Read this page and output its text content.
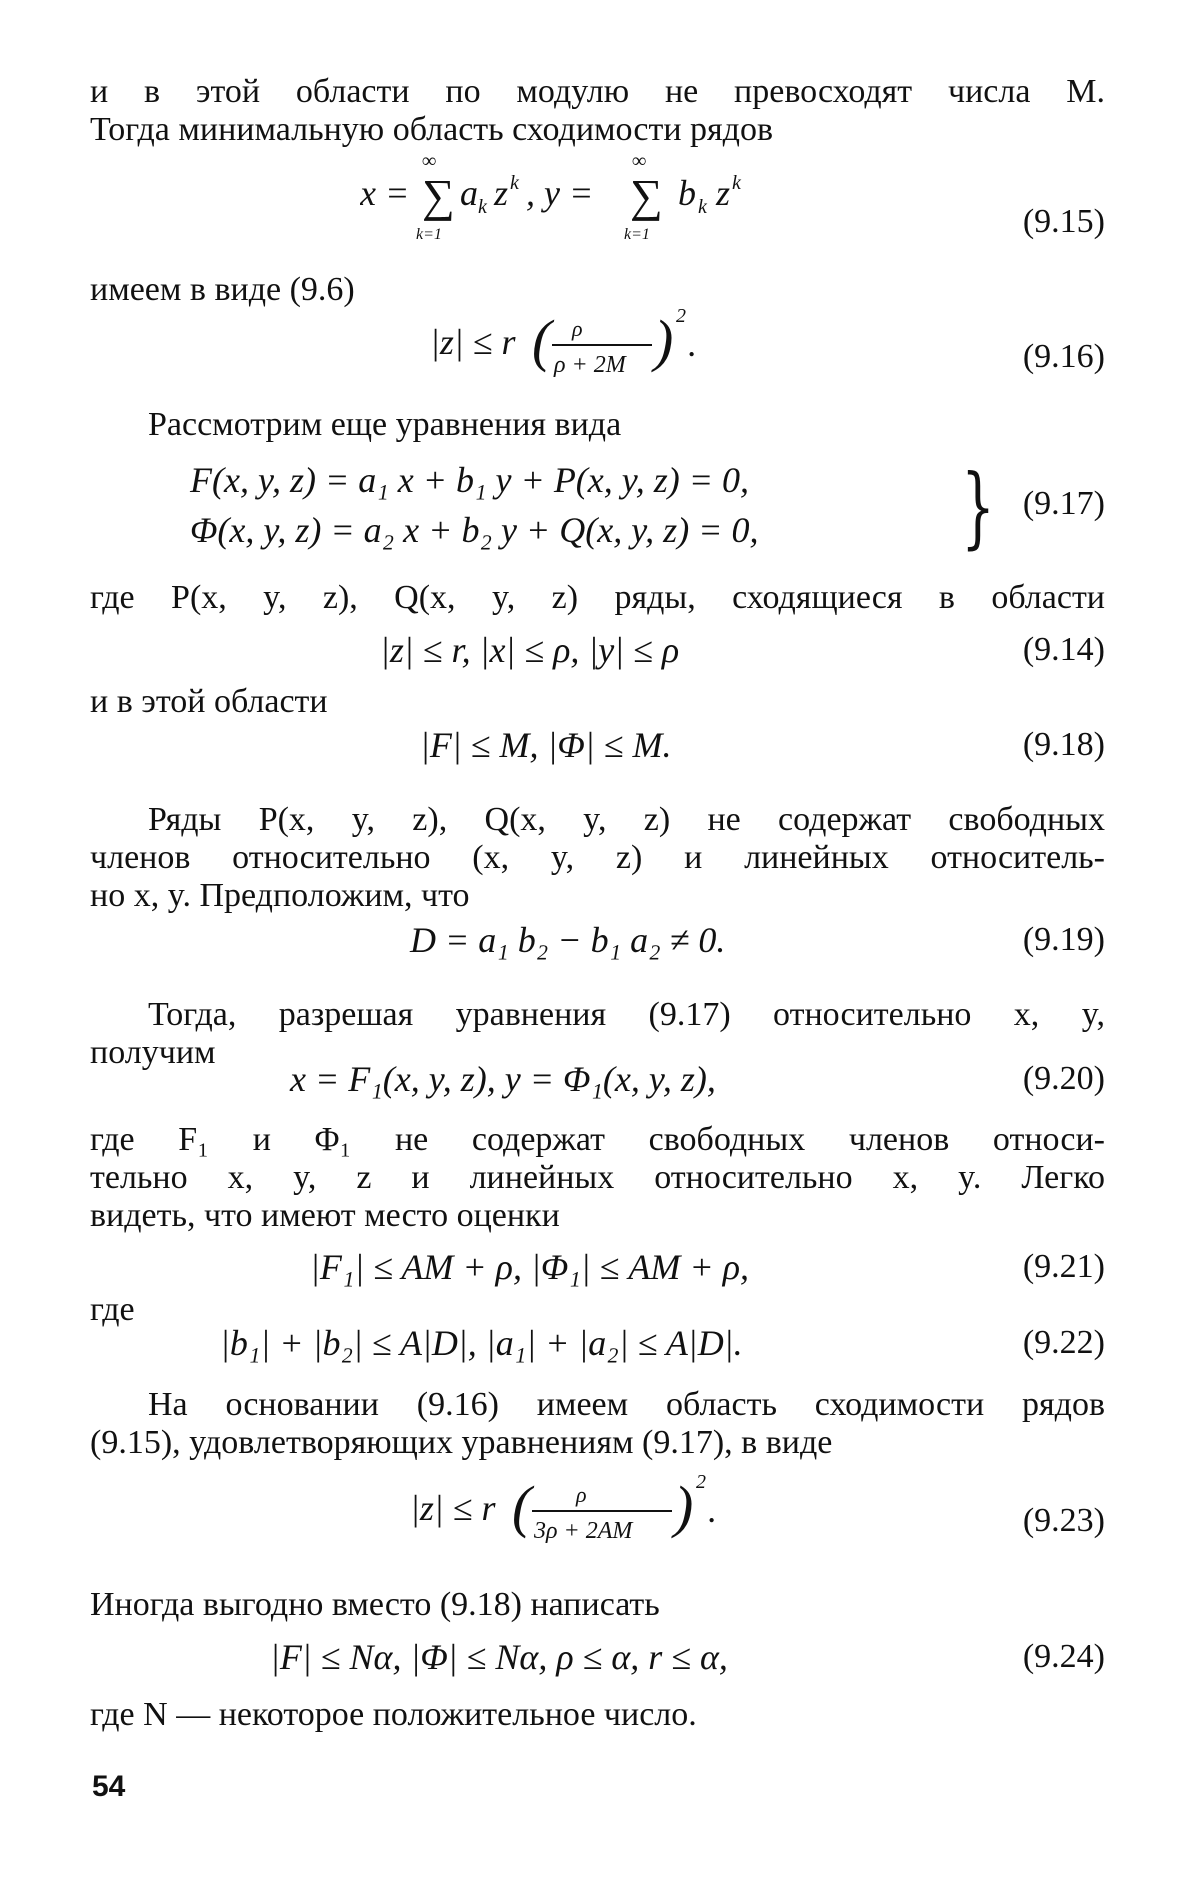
и в этой области по модулю не превосходят числа M.
Тогда минимальную область сходимости рядов
x = ∑
∞
k=1
a k z k , y = ∑
∞
k=1
b k z k
(9.15)
имеем в виде (9.6)
|z| ≤ r ( ρ
ρ + 2M ) 2
.	(9.16)
Рассмотрим еще уравнения вида
F(x, y, z) = a₁ x + b₁ y + P(x, y, z) = 0,
Φ(x, y, z) = a₂ x + b₂ y + Q(x, y, z) = 0, } (9.17)
где P(x, y, z), Q(x, y, z) ряды, сходящиеся в области
|z| ≤ r, |x| ≤ ρ, |y| ≤ ρ	(9.14)
и в этой области
|F| ≤ M, |Φ| ≤ M.	(9.18)
Ряды P(x, y, z), Q(x, y, z) не содержат свободных
членов относительно (x, y, z) и линейных относитель-
но x, y. Предположим, что
D = a₁ b₂ − b₁ a₂ ≠ 0.	(9.19)
Тогда, разрешая уравнения (9.17) относительно x, y,
получим
x = F₁(x, y, z), y = Φ₁(x, y, z),	(9.20)
где F₁ и Φ₁ не содержат свободных членов относи-
тельно x, y, z и линейных относительно x, y. Легко
видеть, что имеют место оценки
|F₁| ≤ AM + ρ, |Φ₁| ≤ AM + ρ,	(9.21)
где
|b₁| + |b₂| ≤ A|D|, |a₁| + |a₂| ≤ A|D|.	(9.22)
На основании (9.16) имеем область сходимости рядов
(9.15), удовлетворяющих уравнениям (9.17), в виде
|z| ≤ r ( ρ
3ρ + 2AM ) 2
.	(9.23)
Иногда выгодно вместо (9.18) написать
|F| ≤ Nα, |Φ| ≤ Nα, ρ ≤ α, r ≤ α,	(9.24)
где N — некоторое положительное число.
54
